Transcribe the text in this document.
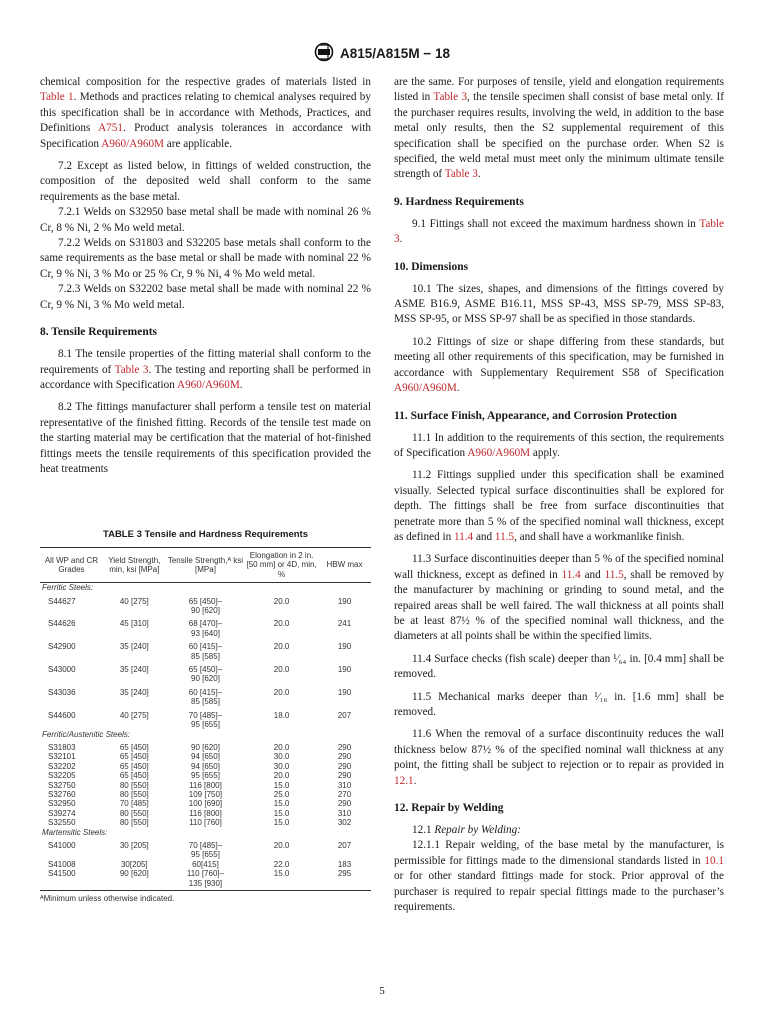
A815/A815M − 18

chemical composition for the respective grades of materials listed in Table 1. Methods and practices relating to chemical analyses required by this specification shall be in accordance with Methods, Practices, and Definitions A751. Product analysis tolerances in accordance with Specification A960/A960M are applicable.

7.2 Except as listed below, in fittings of welded construction, the composition of the deposited weld shall conform to the same requirements as the base metal.

7.2.1 Welds on S32950 base metal shall be made with nominal 26 % Cr, 8 % Ni, 2 % Mo weld metal.

7.2.2 Welds on S31803 and S32205 base metals shall conform to the same requirements as the base metal or shall be made with nominal 22 % Cr, 9 % Ni, 3 % Mo or 25 % Cr, 9 % Ni, 4 % Mo weld metal.

7.2.3 Welds on S32202 base metal shall be made with nominal 22 % Cr, 9 % Ni, 3 % Mo weld metal.

8. Tensile Requirements

8.1 The tensile properties of the fitting material shall conform to the requirements of Table 3. The testing and reporting shall be performed in accordance with Specification A960/A960M.

8.2 The fittings manufacturer shall perform a tensile test on material representative of the finished fitting. Records of the tensile test made on the starting material may be certification that the material of hot-finished fittings meets the tensile requirements of this specification provided the heat treatments

TABLE 3 Tensile and Hardness Requirements
All WP and CR Grades	Yield Strength, min, ksi [MPa]	Tensile Strength,ᴬ ksi [MPa]	Elongation in 2 in. [50 mm] or 4D, min, %	HBW max
Ferritic Steels:				
S44627	40 [275]	65 [450]–
90 [620]	20.0	190
S44626	45 [310]	68 [470]–
93 [640]	20.0	241
S42900	35 [240]	60 [415]–
85 [585]	20.0	190
S43000	35 [240]	65 [450]–
90 [620]	20.0	190
S43036	35 [240]	60 [415]–
85 [585]	20.0	190
S44600	40 [275]	70 [485]–
95 [655]	18.0	207
Ferritic/Austenitic Steels:				
S31803	65 [450]	90 [620]	20.0	290
S32101	65 [450]	94 [650]	30.0	290
S32202	65 [450]	94 [650]	30.0	290
S32205	65 [450]	95 [655]	20.0	290
S32750	80 [550]	116 [800]	15.0	310
S32760	80 [550]	109 [750]	25.0	270
S32950	70 [485]	100 [690]	15.0	290
S39274	80 [550]	116 [800]	15.0	310
S32550	80 [550]	110 [760]	15.0	302
Martensitic Steels:				
S41000	30 [205]	70 [485]–
95 [655]	20.0	207
S41008	30[205]	60[415]	22.0	183
S41500	90 [620]	110 [760]–
135 [930]	15.0	295
ᴬMinimum unless otherwise indicated.

are the same. For purposes of tensile, yield and elongation requirements listed in Table 3, the tensile specimen shall consist of base metal only. If the purchaser requires results, involving the weld, in addition to the base metal only results, then the S2 supplemental requirement of this specification shall be specified on the purchase order. When S2 is specified, the weld metal must meet only the minimum ultimate tensile strength of Table 3.

9. Hardness Requirements

9.1 Fittings shall not exceed the maximum hardness shown in Table 3.

10. Dimensions

10.1 The sizes, shapes, and dimensions of the fittings covered by ASME B16.9, ASME B16.11, MSS SP-43, MSS SP-79, MSS SP-83, MSS SP-95, or MSS SP-97 shall be as specified in those standards.

10.2 Fittings of size or shape differing from these standards, but meeting all other requirements of this specification, may be furnished in accordance with Supplementary Requirement S58 of Specification A960/A960M.

11. Surface Finish, Appearance, and Corrosion Protection

11.1 In addition to the requirements of this section, the requirements of Specification A960/A960M apply.

11.2 Fittings supplied under this specification shall be examined visually. Selected typical surface discontinuities shall be explored for depth. The fittings shall be free from surface discontinuities that penetrate more than 5 % of the specified nominal wall thickness, except as defined in 11.4 and 11.5, and shall have a workmanlike finish.

11.3 Surface discontinuities deeper than 5 % of the specified nominal wall thickness, except as defined in 11.4 and 11.5, shall be removed by the manufacturer by machining or grinding to sound metal, and the repaired areas shall be well faired. The wall thickness at all points shall be at least 87½ % of the specified nominal wall thickness, and the diameters at all points shall be within the specified limits.

11.4 Surface checks (fish scale) deeper than ¹⁄₆₄ in. [0.4 mm] shall be removed.

11.5 Mechanical marks deeper than ¹⁄₁₆ in. [1.6 mm] shall be removed.

11.6 When the removal of a surface discontinuity reduces the wall thickness below 87½ % of the specified nominal wall thickness at any point, the fitting shall be subject to rejection or to repair as provided in 12.1.

12. Repair by Welding

12.1 Repair by Welding:

12.1.1 Repair welding, of the base metal by the manufacturer, is permissible for fittings made to the dimensional standards listed in 10.1 or for other standard fittings made for stock. Prior approval of the purchaser is required to repair special fittings made to the purchaser’s requirements.

5
